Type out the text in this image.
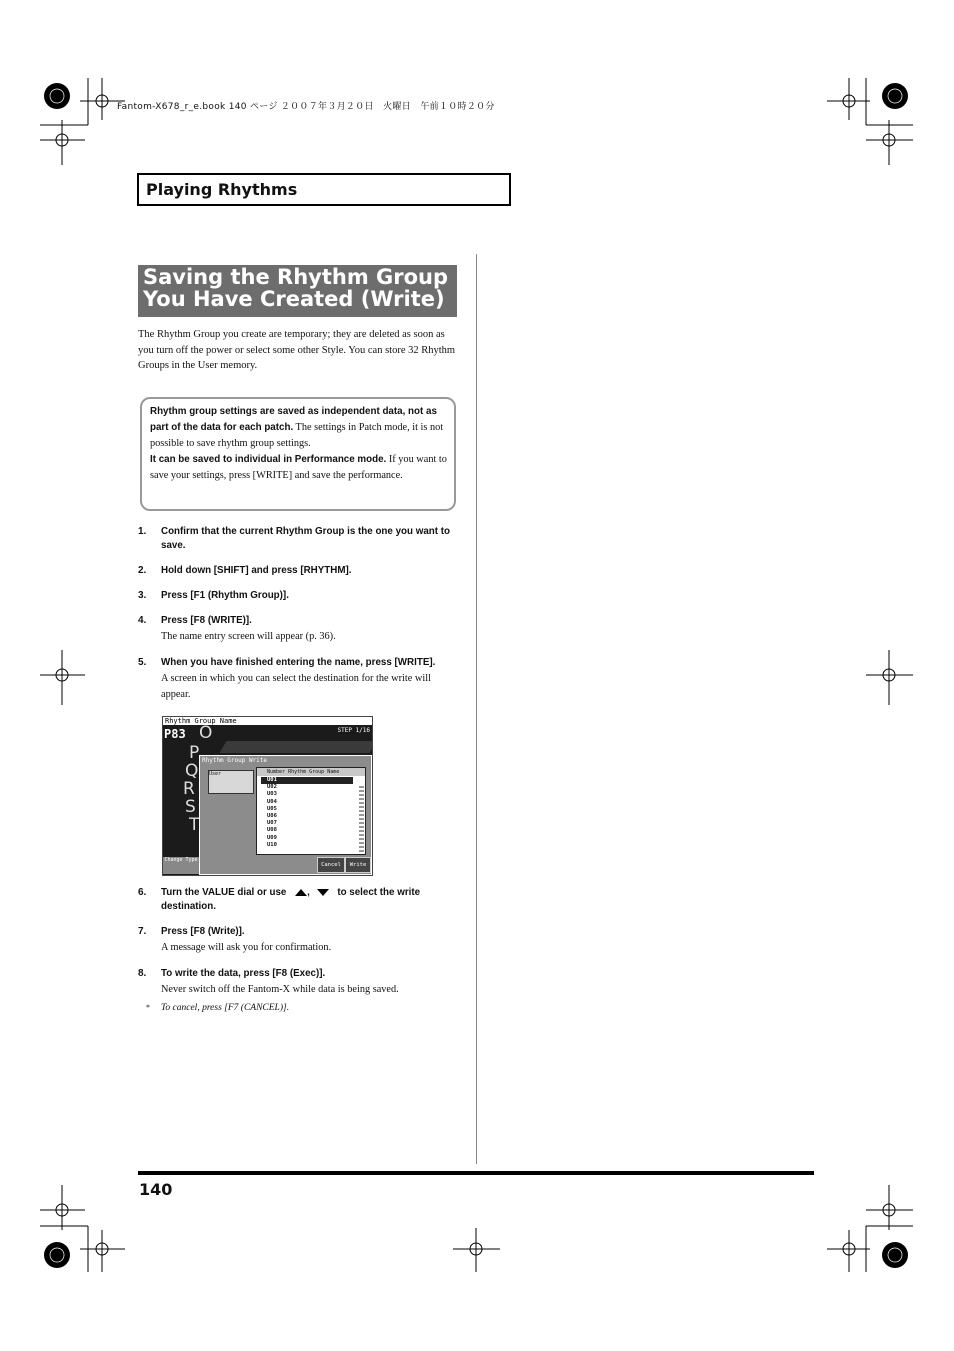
Fantom-X678_r_e.book 140 ページ ２００７年３月２０日　火曜日　午前１０時２０分
Playing Rhythms
Saving the Rhythm Group
You Have Created (Write)
The Rhythm Group you create are temporary; they are deleted as soon as you turn off the power or select some other Style. You can store 32 Rhythm Groups in the User memory.
Rhythm group settings are saved as independent data, not as part of the data for each patch. The settings in Patch mode, it is not possible to save rhythm group settings.
It can be saved to individual in Performance mode. If you want to save your settings, press [WRITE] and save the performance.
1. Confirm that the current Rhythm Group is the one you want to save.
2. Hold down [SHIFT] and press [RHYTHM].
3. Press [F1 (Rhythm Group)].
4. Press [F8 (WRITE)].
The name entry screen will appear (p. 36).
5. When you have finished entering the name, press [WRITE].
A screen in which you can select the destination for the write will appear.
Rhythm Group Name
P83	STEP 1/16
O
P
Q
R
S
T
Rhythm Group Write
User	Number Rhythm Group Name
U01
U02
U03
U04
U05
U06
U07
U08
U09
U10
Cancel	Write
Change Type
6. Turn the VALUE dial or use ,	to select the write
destination.
7. Press [F8 (Write)].
A message will ask you for confirmation.
8. To write the data, press [F8 (Exec)].
Never switch off the Fantom-X while data is being saved.
* To cancel, press [F7 (CANCEL)].
140
